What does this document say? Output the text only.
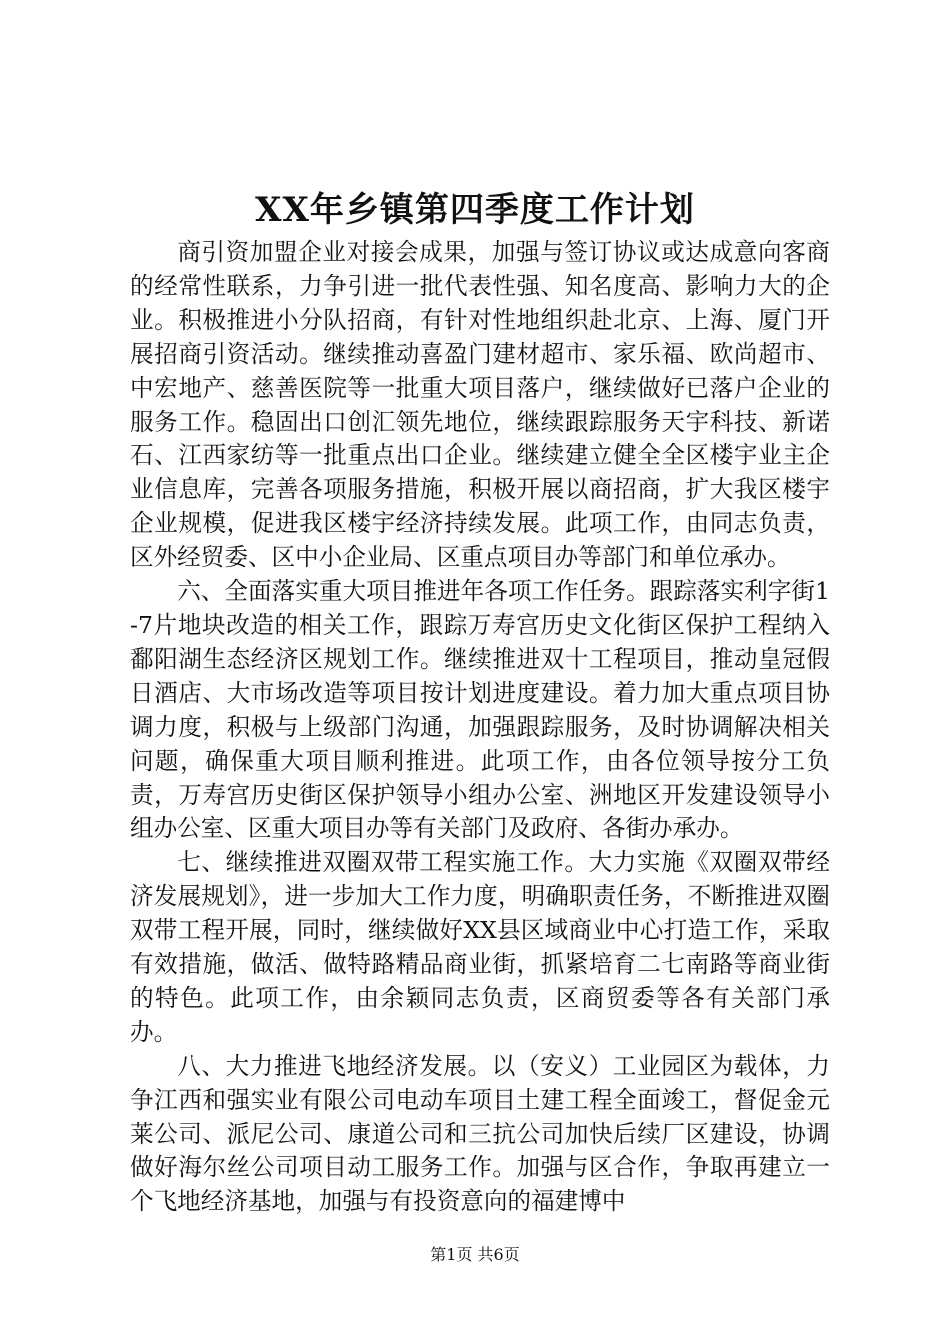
XX年乡镇第四季度工作计划

商引资加盟企业对接会成果，加强与签订协议或达成意向客商的经常性联系，力争引进一批代表性强、知名度高、影响力大的企业。积极推进小分队招商，有针对性地组织赴北京、上海、厦门开展招商引资活动。继续推动喜盈门建材超市、家乐福、欧尚超市、中宏地产、慈善医院等一批重大项目落户，继续做好已落户企业的服务工作。稳固出口创汇领先地位，继续跟踪服务天宇科技、新诺石、江西家纺等一批重点出口企业。继续建立健全全区楼宇业主企业信息库，完善各项服务措施，积极开展以商招商，扩大我区楼宇企业规模，促进我区楼宇经济持续发展。此项工作，由同志负责，区外经贸委、区中小企业局、区重点项目办等部门和单位承办。

六、全面落实重大项目推进年各项工作任务。跟踪落实利字街1-7片地块改造的相关工作，跟踪万寿宫历史文化街区保护工程纳入鄱阳湖生态经济区规划工作。继续推进双十工程项目，推动皇冠假日酒店、大市场改造等项目按计划进度建设。着力加大重点项目协调力度，积极与上级部门沟通，加强跟踪服务，及时协调解决相关问题，确保重大项目顺利推进。此项工作，由各位领导按分工负责，万寿宫历史街区保护领导小组办公室、洲地区开发建设领导小组办公室、区重大项目办等有关部门及政府、各街办承办。

七、继续推进双圈双带工程实施工作。大力实施《双圈双带经济发展规划》，进一步加大工作力度，明确职责任务，不断推进双圈双带工程开展，同时，继续做好XX县区域商业中心打造工作，采取有效措施，做活、做特路精品商业街，抓紧培育二七南路等商业街的特色。此项工作，由余颖同志负责，区商贸委等各有关部门承办。

八、大力推进飞地经济发展。以（安义）工业园区为载体，力争江西和强实业有限公司电动车项目土建工程全面竣工，督促金元莱公司、派尼公司、康道公司和三抗公司加快后续厂区建设，协调做好海尔丝公司项目动工服务工作。加强与区合作，争取再建立一个飞地经济基地，加强与有投资意向的福建博中

第1页 共6页
